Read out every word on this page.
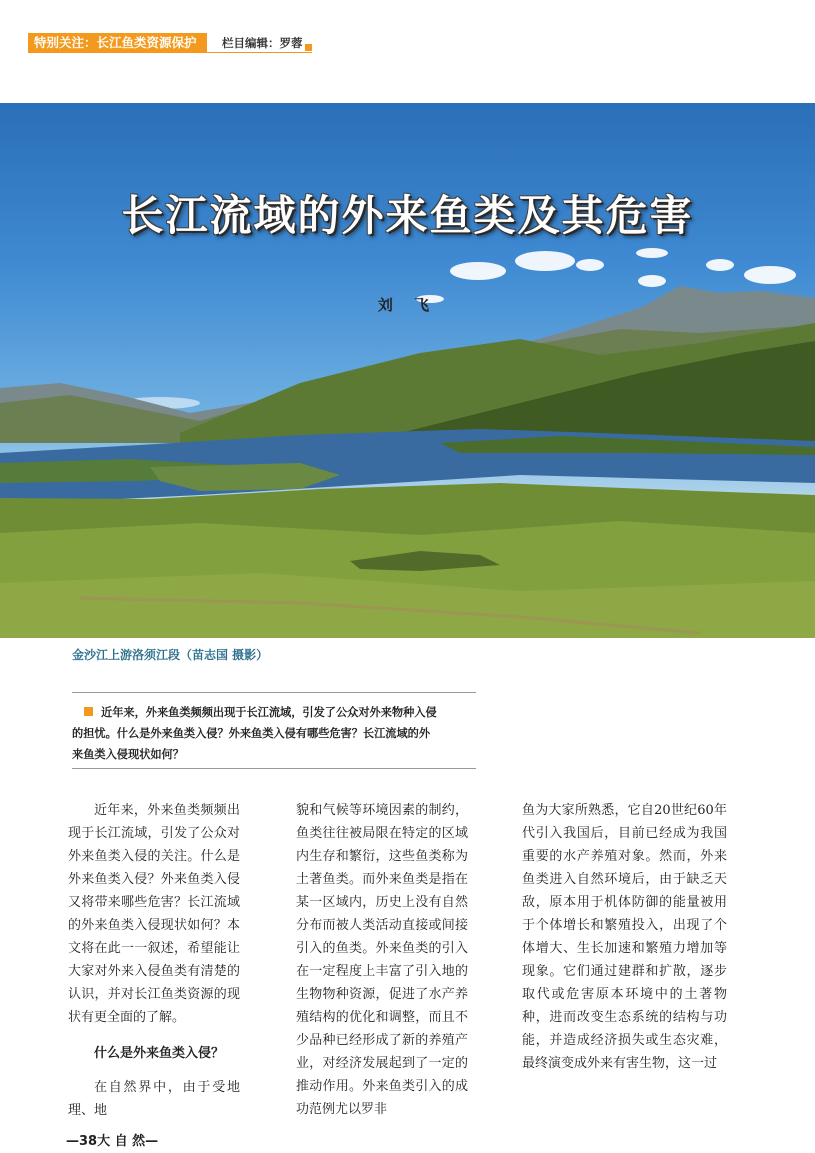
特别关注：长江鱼类资源保护	栏目编辑：罗蓉
长江流域的外来鱼类及其危害
刘 飞
金沙江上游洛须江段（苗志国 摄影）
近年来，外来鱼类频频出现于长江流域，引发了公众对外来物种入侵
的担忧。什么是外来鱼类入侵？外来鱼类入侵有哪些危害？长江流域的外
来鱼类入侵现状如何？

近年来，外来鱼类频频出现于长江流域，引发了公众对外来鱼类入侵的关注。什么是外来鱼类入侵？外来鱼类入侵又将带来哪些危害？长江流域的外来鱼类入侵现状如何？本文将在此一一叙述，希望能让大家对外来入侵鱼类有清楚的认识，并对长江鱼类资源的现状有更全面的了解。

什么是外来鱼类入侵？

在自然界中，由于受地理、地

貌和气候等环境因素的制约，鱼类往往被局限在特定的区域内生存和繁衍，这些鱼类称为土著鱼类。而外来鱼类是指在某一区域内，历史上没有自然分布而被人类活动直接或间接引入的鱼类。外来鱼类的引入在一定程度上丰富了引入地的生物物种资源，促进了水产养殖结构的优化和调整，而且不少品种已经形成了新的养殖产业，对经济发展起到了一定的推动作用。外来鱼类引入的成功范例尤以罗非

鱼为大家所熟悉，它自20世纪60年代引入我国后，目前已经成为我国重要的水产养殖对象。然而，外来鱼类进入自然环境后，由于缺乏天敌，原本用于机体防御的能量被用于个体增长和繁殖投入，出现了个体增大、生长加速和繁殖力增加等现象。它们通过建群和扩散，逐步取代或危害原本环境中的土著物种，进而改变生态系统的结构与功能，并造成经济损失或生态灾难，最终演变成外来有害生物，这一过

—38大 自 然—
